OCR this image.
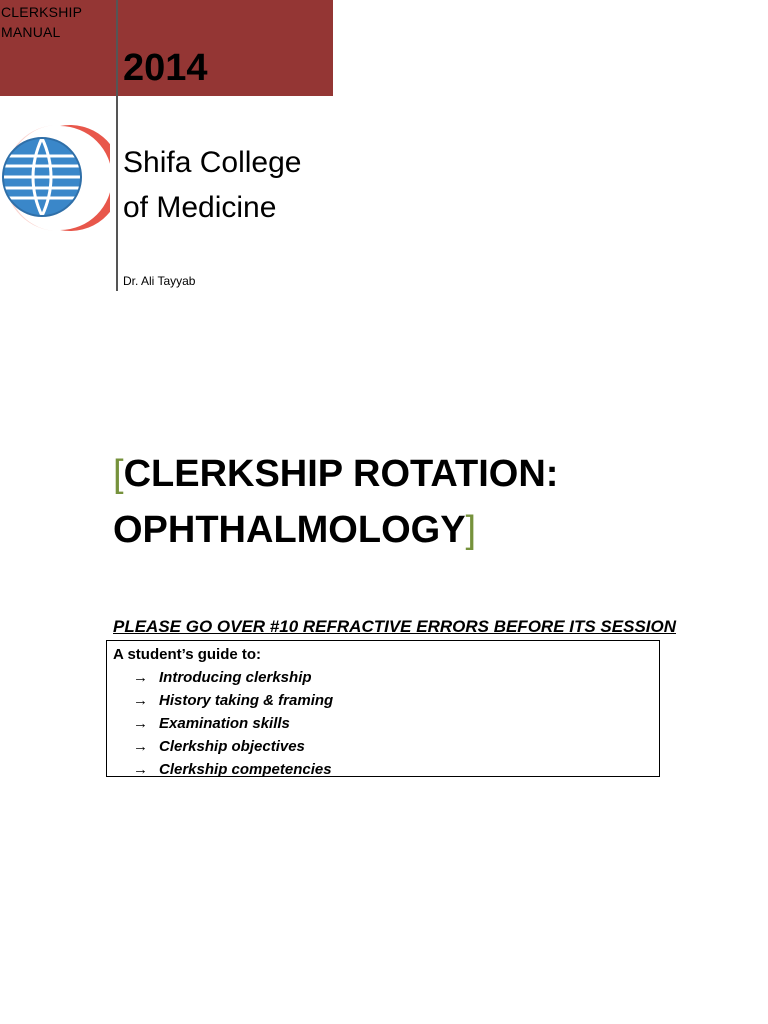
CLERKSHIP MANUAL
2014
Shifa College
of Medicine
Dr. Ali Tayyab
[CLERKSHIP ROTATION:
OPHTHALMOLOGY]
PLEASE GO OVER #10 REFRACTIVE ERRORS BEFORE ITS SESSION
A student’s guide to:
→ Introducing clerkship
→ History taking & framing
→ Examination skills
→ Clerkship objectives
→ Clerkship competencies
